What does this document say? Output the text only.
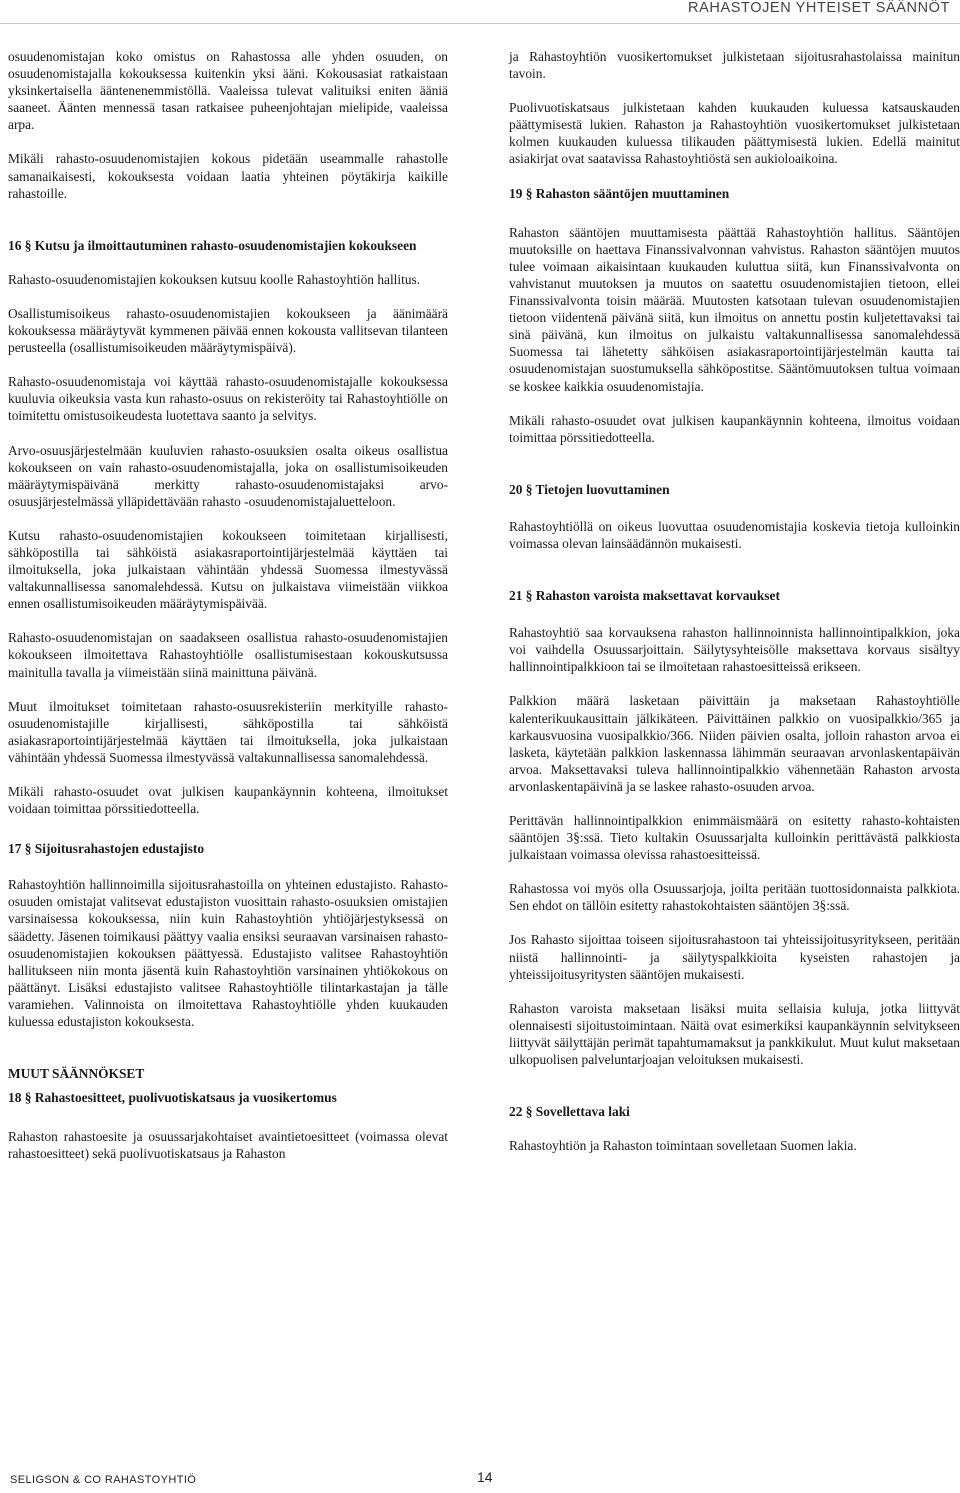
RAHASTOJEN YHTEISET SÄÄNNÖT

osuudenomistajan koko omistus on Rahastossa alle yhden osuuden, on osuudenomistajalla kokouksessa kuitenkin yksi ääni. Kokousasiat ratkaistaan yksinkertaisella ääntenenemmistöllä. Vaaleissa tulevat valituiksi eniten ääniä saaneet. Äänten mennessä tasan ratkaisee puheenjohtajan mielipide, vaaleissa arpa.

Mikäli rahasto-osuudenomistajien kokous pidetään useammalle rahastolle samanaikaisesti, kokouksesta voidaan laatia yhteinen pöytäkirja kaikille rahastoille.

16 § Kutsu ja ilmoittautuminen rahasto-osuudenomistajien kokoukseen

Rahasto-osuudenomistajien kokouksen kutsuu koolle Rahastoyhtiön hallitus.

Osallistumisoikeus rahasto-osuudenomistajien kokoukseen ja äänimäärä kokouksessa määräytyvät kymmenen päivää ennen kokousta vallitsevan tilanteen perusteella (osallistumisoikeuden määräytymispäivä).

Rahasto-osuudenomistaja voi käyttää rahasto-osuudenomistajalle kokouksessa kuuluvia oikeuksia vasta kun rahasto-osuus on rekisteröity tai Rahastoyhtiölle on toimitettu omistusoikeudesta luotettava saanto ja selvitys.

Arvo-osuusjärjestelmään kuuluvien rahasto-osuuksien osalta oikeus osallistua kokoukseen on vain rahasto-osuudenomistajalla, joka on osallistumisoikeuden määräytymispäivänä merkitty rahasto-osuudenomistajaksi arvo-osuusjärjestelmässä ylläpidettävään rahasto -osuudenomistajaluetteloon.

Kutsu rahasto-osuudenomistajien kokoukseen toimitetaan kirjallisesti, sähköpostilla tai sähköistä asiakasraportointijärjestelmää käyttäen tai ilmoituksella, joka julkaistaan vähintään yhdessä Suomessa ilmestyvässä valtakunnallisessa sanomalehdessä. Kutsu on julkaistava viimeistään viikkoa ennen osallistumisoikeuden määräytymispäivää.

Rahasto-osuudenomistajan on saadakseen osallistua rahasto-osuudenomistajien kokoukseen ilmoitettava Rahastoyhtiölle osallistumisestaan kokouskutsussa mainitulla tavalla ja viimeistään siinä mainittuna päivänä.

Muut ilmoitukset toimitetaan rahasto-osuusrekisteriin merkityille rahasto-osuudenomistajille kirjallisesti, sähköpostilla tai sähköistä asiakasraportointijärjestelmää käyttäen tai ilmoituksella, joka julkaistaan vähintään yhdessä Suomessa ilmestyvässä valtakunnallisessa sanomalehdessä.

Mikäli rahasto-osuudet ovat julkisen kaupankäynnin kohteena, ilmoitukset voidaan toimittaa pörssitiedotteella.

17 § Sijoitusrahastojen edustajisto

Rahastoyhtiön hallinnoimilla sijoitusrahastoilla on yhteinen edustajisto. Rahasto-osuuden omistajat valitsevat edustajiston vuosittain rahasto-osuuksien omistajien varsinaisessa kokouksessa, niin kuin Rahastoyhtiön yhtiöjärjestyksessä on säädetty. Jäsenen toimikausi päättyy vaalia ensiksi seuraavan varsinaisen rahasto-osuudenomistajien kokouksen päättyessä. Edustajisto valitsee Rahastoyhtiön hallitukseen niin monta jäsentä kuin Rahastoyhtiön varsinainen yhtiökokous on päättänyt. Lisäksi edustajisto valitsee Rahastoyhtiölle tilintarkastajan ja tälle varamiehen. Valinnoista on ilmoitettava Rahastoyhtiölle yhden kuukauden kuluessa edustajiston kokouksesta.

MUUT SÄÄNNÖKSET

18 § Rahastoesitteet, puolivuotiskatsaus ja vuosikertomus

Rahaston rahastoesite ja osuussarjakohtaiset avaintietoesitteet (voimassa olevat rahastoesitteet) sekä puolivuotiskatsaus ja Rahaston

ja Rahastoyhtiön vuosikertomukset julkistetaan sijoitusrahastolaissa mainitun tavoin.

Puolivuotiskatsaus julkistetaan kahden kuukauden kuluessa katsauskauden päättymisestä lukien. Rahaston ja Rahastoyhtiön vuosikertomukset julkistetaan kolmen kuukauden kuluessa tilikauden päättymisestä lukien. Edellä mainitut asiakirjat ovat saatavissa Rahastoyhtiöstä sen aukioloaikoina.

19 § Rahaston sääntöjen muuttaminen

Rahaston sääntöjen muuttamisesta päättää Rahastoyhtiön hallitus. Sääntöjen muutoksille on haettava Finanssivalvonnan vahvistus. Rahaston sääntöjen muutos tulee voimaan aikaisintaan kuukauden kuluttua siitä, kun Finanssivalvonta on vahvistanut muutoksen ja muutos on saatettu osuudenomistajien tietoon, ellei Finanssivalvonta toisin määrää. Muutosten katsotaan tulevan osuudenomistajien tietoon viidentenä päivänä siitä, kun ilmoitus on annettu postin kuljetettavaksi tai sinä päivänä, kun ilmoitus on julkaistu valtakunnallisessa sanomalehdessä Suomessa tai lähetetty sähköisen asiakasraportointijärjestelmän kautta tai osuudenomistajan suostumuksella sähköpostitse. Sääntömuutoksen tultua voimaan se koskee kaikkia osuudenomistajia.

Mikäli rahasto-osuudet ovat julkisen kaupankäynnin kohteena, ilmoitus voidaan toimittaa pörssitiedotteella.

20 § Tietojen luovuttaminen

Rahastoyhtiöllä on oikeus luovuttaa osuudenomistajia koskevia tietoja kulloinkin voimassa olevan lainsäädännön mukaisesti.

21 § Rahaston varoista maksettavat korvaukset

Rahastoyhtiö saa korvauksena rahaston hallinnoinnista hallinnointipalkkion, joka voi vaihdella Osuussarjoittain. Säilytysyhteisölle maksettava korvaus sisältyy hallinnointipalkkioon tai se ilmoitetaan rahastoesitteissä erikseen.

Palkkion määrä lasketaan päivittäin ja maksetaan Rahastoyhtiölle kalenterikuukausittain jälkikäteen. Päivittäinen palkkio on vuosipalkkio/365 ja karkausvuosina vuosipalkkio/366. Niiden päivien osalta, jolloin rahaston arvoa ei lasketa, käytetään palkkion laskennassa lähimmän seuraavan arvonlaskentapäivän arvoa. Maksettavaksi tuleva hallinnointipalkkio vähennetään Rahaston arvosta arvonlaskentapäivinä ja se laskee rahasto-osuuden arvoa.

Perittävän hallinnointipalkkion enimmäismäärä on esitetty rahasto-kohtaisten sääntöjen 3§:ssä. Tieto kultakin Osuussarjalta kulloinkin perittävästä palkkiosta julkaistaan voimassa olevissa rahastoesitteissä.

Rahastossa voi myös olla Osuussarjoja, joilta peritään tuottosidonnaista palkkiota. Sen ehdot on tällöin esitetty rahastokohtaisten sääntöjen 3§:ssä.

Jos Rahasto sijoittaa toiseen sijoitusrahastoon tai yhteissijoitusyritykseen, peritään niistä hallinnointi- ja säilytyspalkkioita kyseisten rahastojen ja yhteissijoitusyritysten sääntöjen mukaisesti.

Rahaston varoista maksetaan lisäksi muita sellaisia kuluja, jotka liittyvät olennaisesti sijoitustoimintaan. Näitä ovat esimerkiksi kaupankäynnin selvitykseen liittyvät säilyttäjän perimät tapahtumamaksut ja pankkikulut. Muut kulut maksetaan ulkopuolisen palveluntarjoajan veloituksen mukaisesti.

22 § Sovellettava laki

Rahastoyhtiön ja Rahaston toimintaan sovelletaan Suomen lakia.

SELIGSON & CO RAHASTOYHTIÖ	14
